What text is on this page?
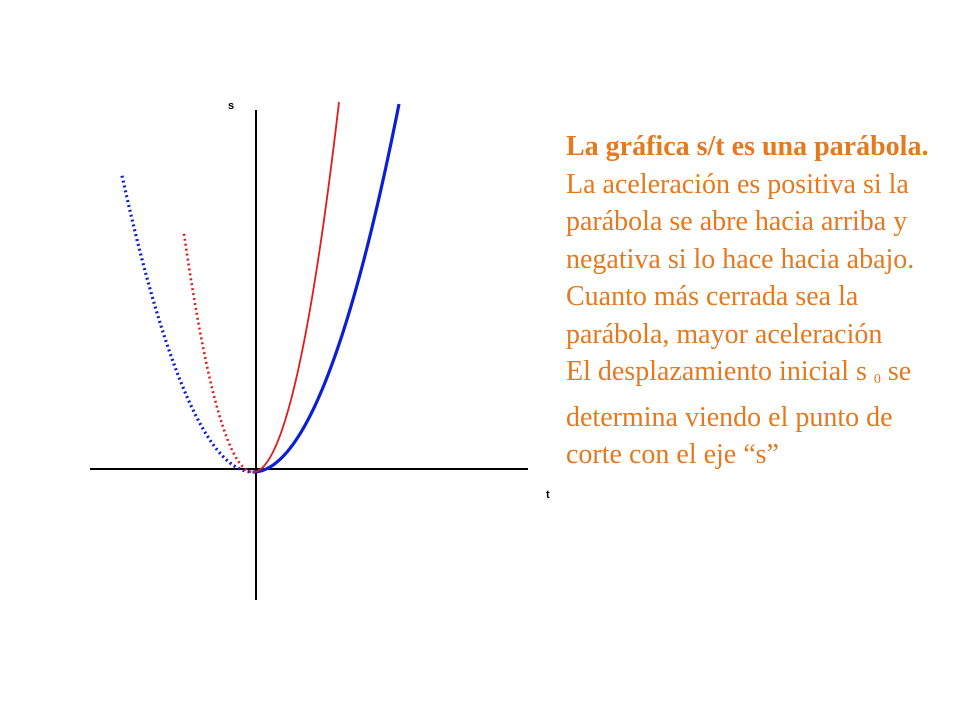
s
t

La gráfica s/t es una parábola.

La aceleración es positiva si la parábola se abre hacia arriba y negativa si lo hace hacia abajo.

Cuanto más cerrada sea la parábola, mayor aceleración

El desplazamiento inicial s $_0$ se determina viendo el punto de corte con el eje “s”
